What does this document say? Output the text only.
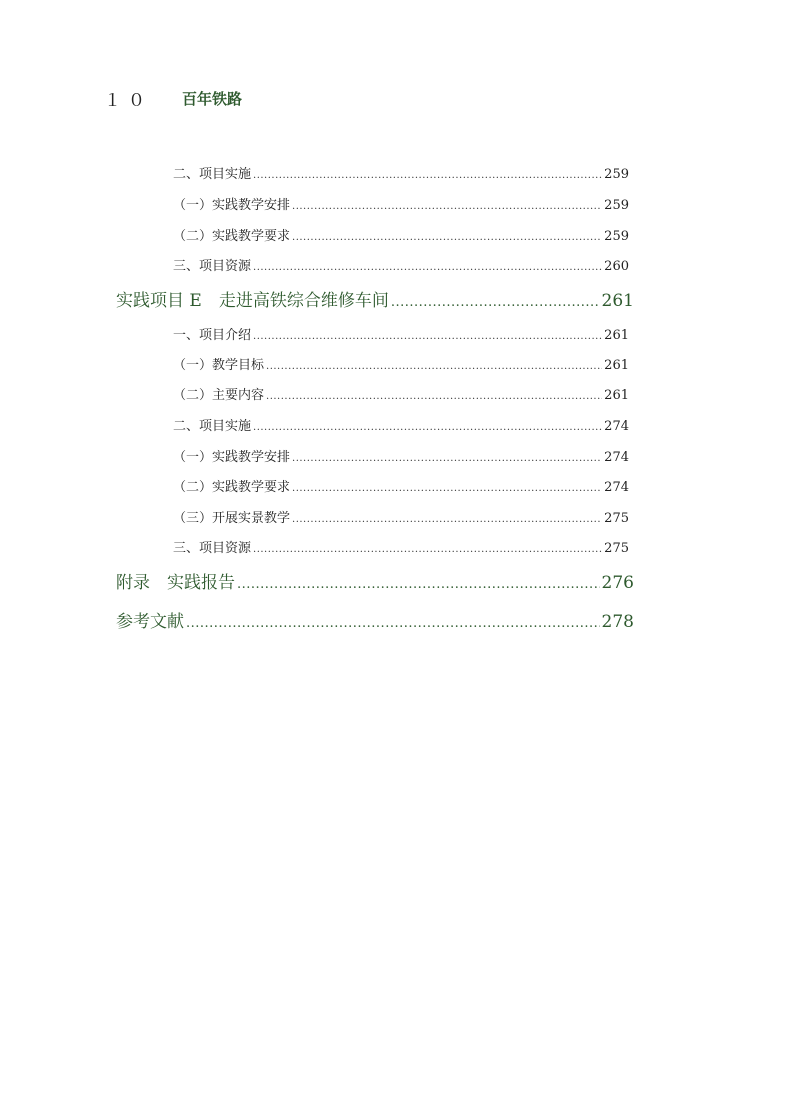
１０ 百年铁路
二、项目实施 .....	259
（一）实践教学安排 .....	259
（二）实践教学要求 .....	259
三、项目资源 .....	260
实践项目 E　走进高铁综合维修车间 .....	261
一、项目介绍 .....	261
（一）教学目标 .....	261
（二）主要内容 .....	261
二、项目实施 .....	274
（一）实践教学安排 .....	274
（二）实践教学要求 .....	274
（三）开展实景教学 .....	275
三、项目资源 .....	275
附录　实践报告 .....	276
参考文献 .....	278
